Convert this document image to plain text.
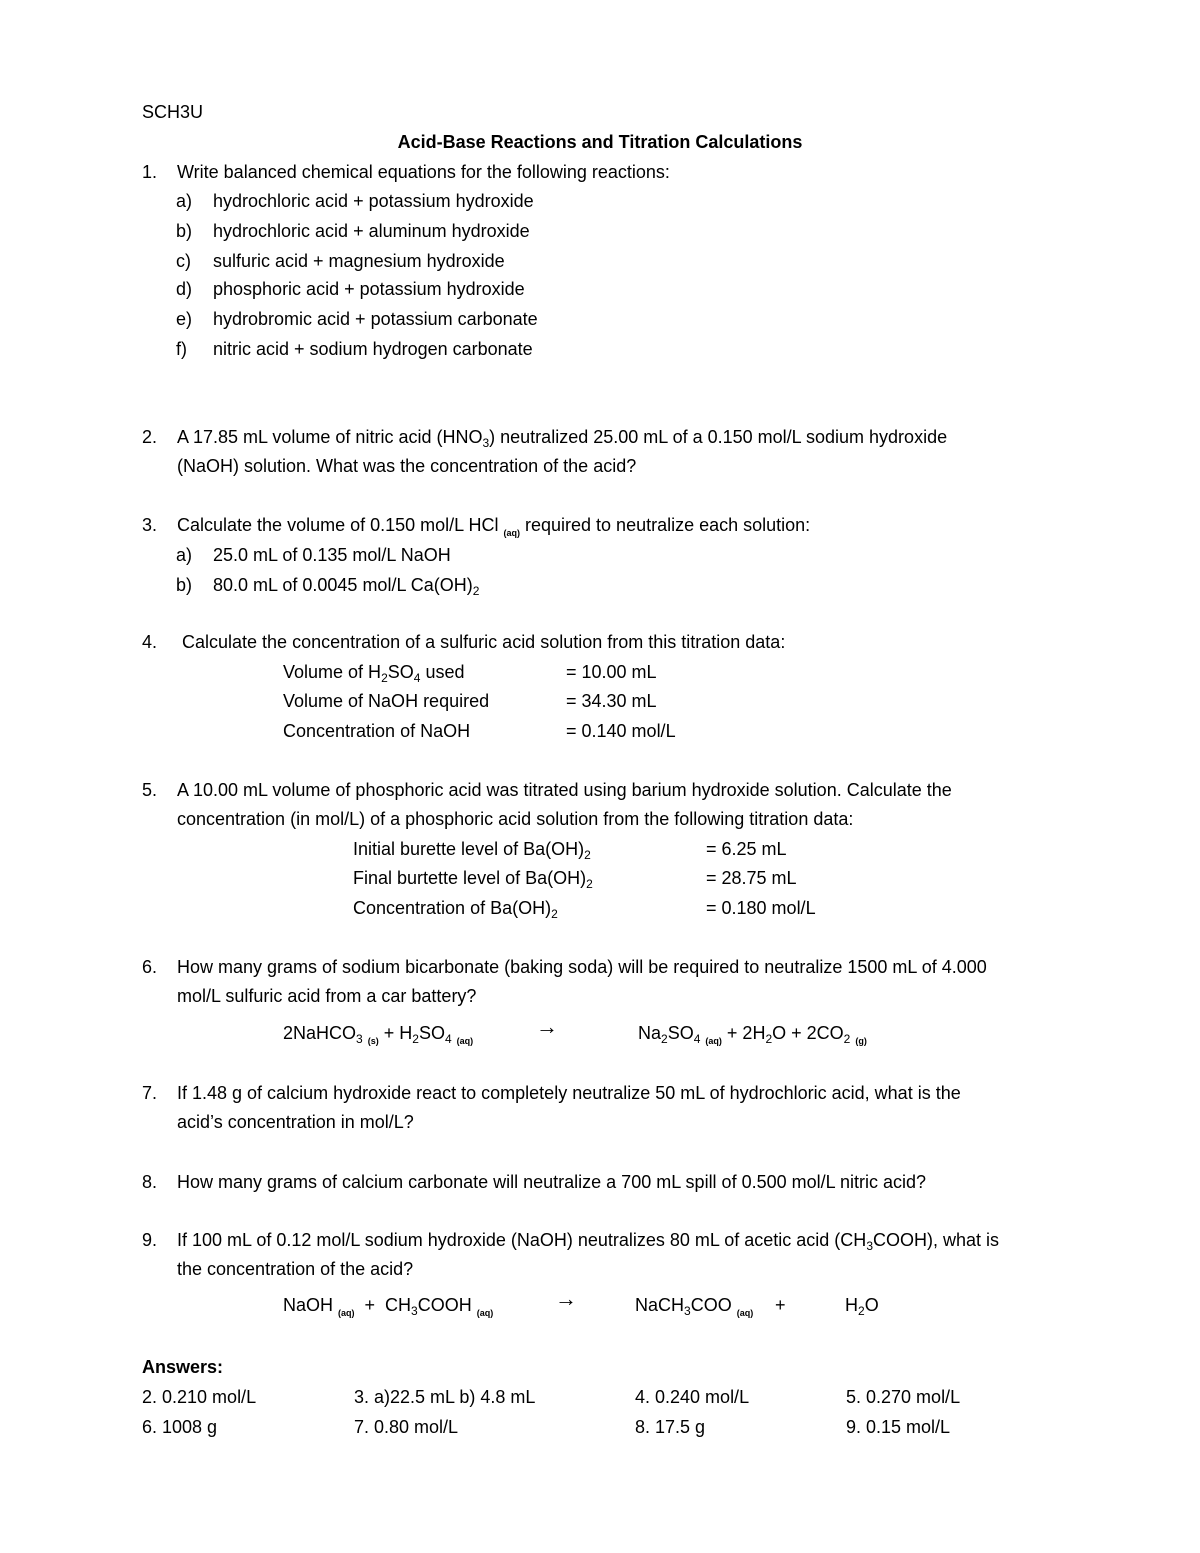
SCH3U
Acid-Base Reactions and Titration Calculations
1. Write balanced chemical equations for the following reactions:
a) hydrochloric acid + potassium hydroxide
b) hydrochloric acid + aluminum hydroxide
c) sulfuric acid + magnesium hydroxide
d) phosphoric acid + potassium hydroxide
e) hydrobromic acid + potassium carbonate
f) nitric acid + sodium hydrogen carbonate
2. A 17.85 mL volume of nitric acid $(HNO_3)$ neutralized 25.00 mL of a 0.150 mol/L sodium hydroxide
(NaOH) solution. What was the concentration of the acid?
3. Calculate the volume of 0.150 mol/L HCl $_{(aq)}$ required to neutralize each solution:
a) 25.0 mL of 0.135 mol/L NaOH
b) 80.0 mL of 0.0045 mol/L $Ca(OH)_2$
4. Calculate the concentration of a sulfuric acid solution from this titration data:
Volume of $H_2SO_4$ used	= 10.00 mL
Volume of NaOH required	= 34.30 mL
Concentration of NaOH	= 0.140 mol/L
5. A 10.00 mL volume of phosphoric acid was titrated using barium hydroxide solution. Calculate the
concentration (in mol/L) of a phosphoric acid solution from the following titration data:
Initial burette level of $Ba(OH)_2$	= 6.25 mL
Final burtette level of $Ba(OH)_2$	= 28.75 mL
Concentration of $Ba(OH)_2$	= 0.180 mol/L
6. How many grams of sodium bicarbonate (baking soda) will be required to neutralize 1500 mL of 4.000
mol/L sulfuric acid from a car battery?
2NaHCO$_3$ $_{(s)} + H_2SO_4$ $_{(aq)}$
→	$Na_2SO_4$ $_{(aq)} + 2H_2O + 2CO_2$ $_{(g)}$
7. If 1.48 g of calcium hydroxide react to completely neutralize 50 mL of hydrochloric acid, what is the
acid’s concentration in mol/L?
8. How many grams of calcium carbonate will neutralize a 700 mL spill of 0.500 mol/L nitric acid?
9. If 100 mL of 0.12 mol/L sodium hydroxide (NaOH) neutralizes 80 mL of acetic acid $(CH_3COOH)$, what is
the concentration of the acid?
NaOH $_{(aq)} + CH_3COOH$ $_{(aq)}$
→	NaCH$_3$COO $_{(aq)}$ +	$H_2O$
Answers:
2. 0.210 mol/L	3. a)22.5 mL b) 4.8 mL	4. 0.240 mol/L	5. 0.270 mol/L
6. 1008 g	7. 0.80 mol/L	8. 17.5 g	9. 0.15 mol/L
